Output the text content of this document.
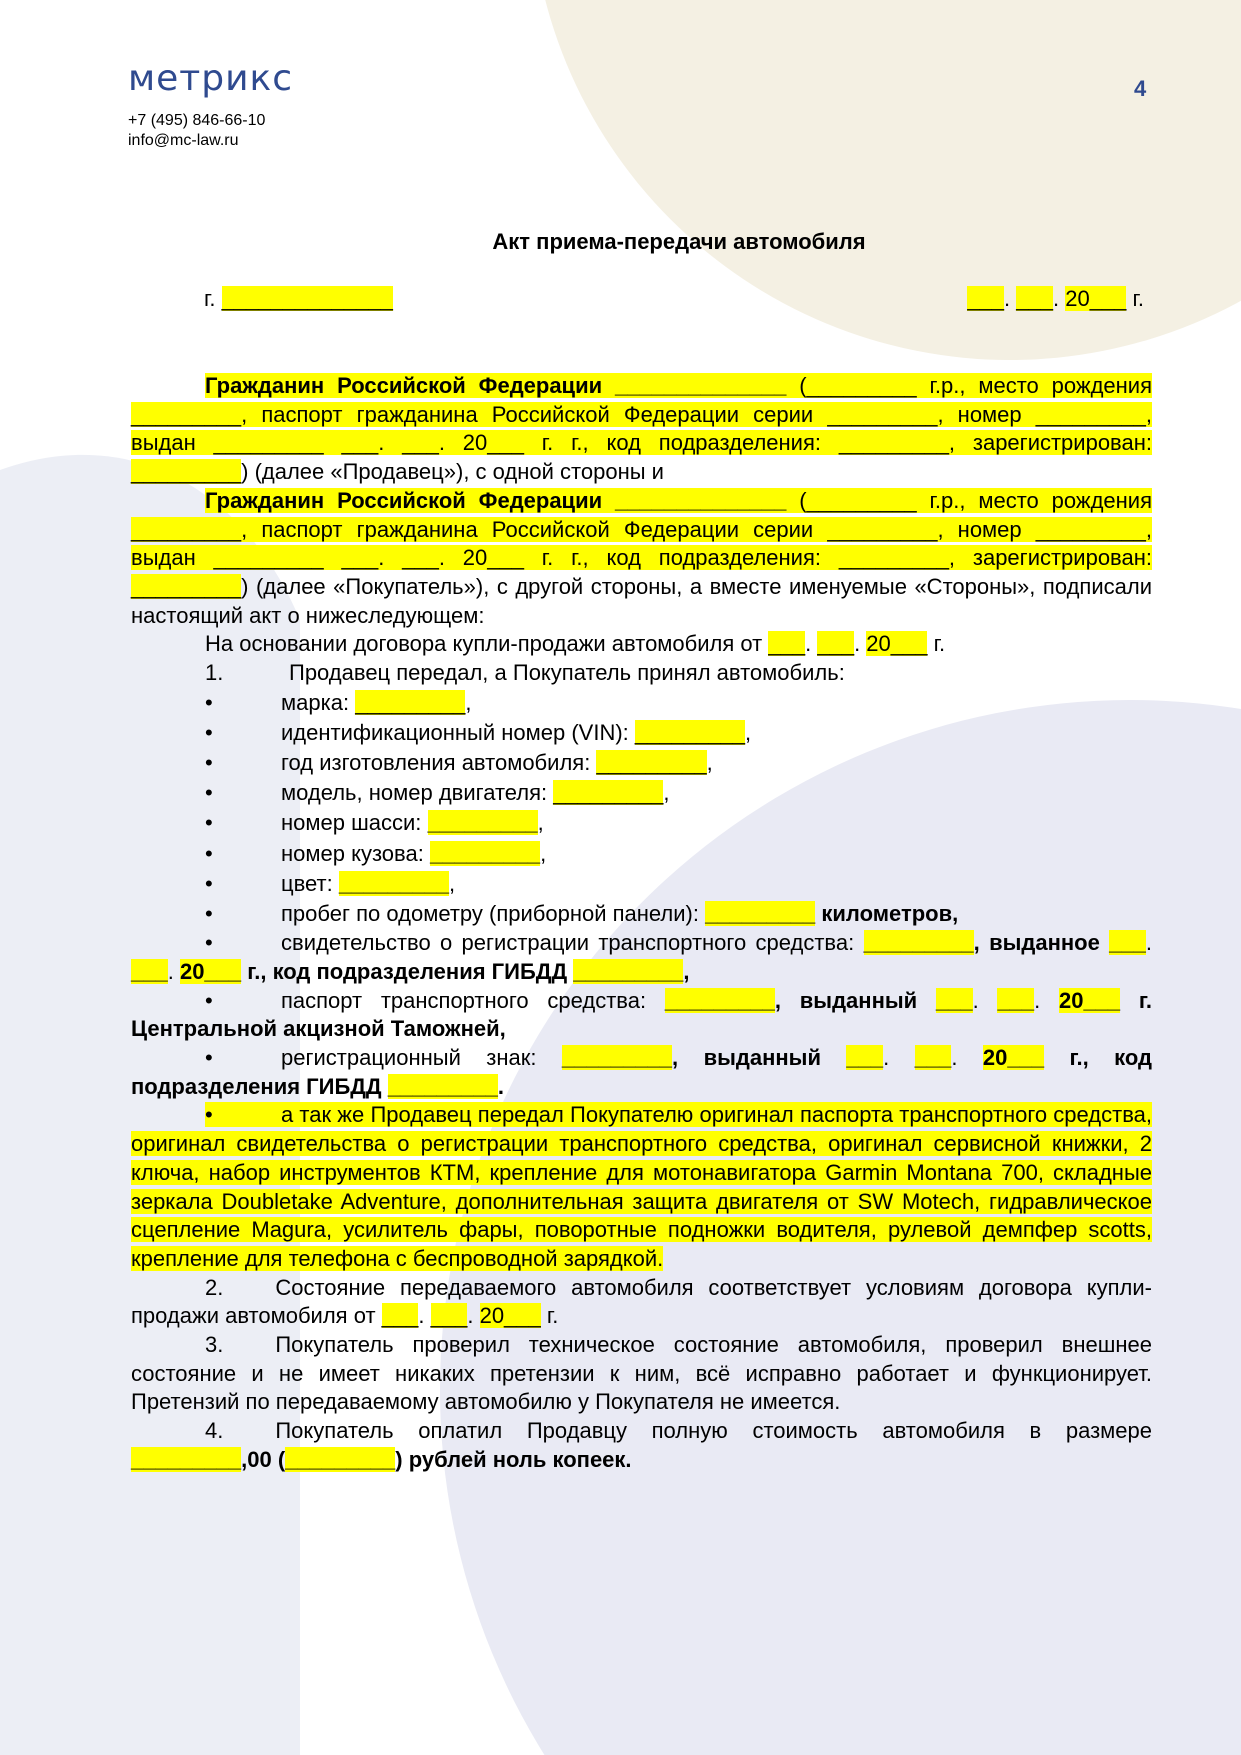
метрикс
+7 (495) 846-66-10
info@mc-law.ru
4
Акт приема-передачи автомобиля
г. ______________	___. ___. 20___ г.

Гражданин Российской Федерации ______________ (_________ г.р., место рождения _________, паспорт гражданина Российской Федерации серии _________, номер _________, выдан _________ ___. ___. 20___ г. г., код подразделения: _________, зарегистрирован: _________) (далее «Продавец»), с одной стороны и

Гражданин Российской Федерации ______________ (_________ г.р., место рождения _________, паспорт гражданина Российской Федерации серии _________, номер _________, выдан _________ ___. ___. 20___ г. г., код подразделения: _________, зарегистрирован: _________) (далее «Покупатель»), с другой стороны, а вместе именуемые «Стороны», подписали настоящий акт о нижеследующем:

На основании договора купли-продажи автомобиля от ___. ___. 20___ г.

1.	Продавец передал, а Покупатель принял автомобиль:

•	марка: _________,

•	идентификационный номер (VIN): _________,

•	год изготовления автомобиля: _________,

•	модель, номер двигателя: _________,

•	номер шасси: _________,

•	номер кузова: _________,

•	цвет: _________,

•	пробег по одометру (приборной панели): _________ километров,

•	свидетельство о регистрации транспортного средства: _________, выданное ___. ___. 20___ г., код подразделения ГИБДД _________,

•	паспорт транспортного средства: _________, выданный ___. ___. 20___ г. Центральной акцизной Таможней,

•	регистрационный знак: _________, выданный ___. ___. 20___ г., код подразделения ГИБДД _________.

•	а так же Продавец передал Покупателю оригинал паспорта транспортного средства, оригинал свидетельства о регистрации транспортного средства, оригинал сервисной книжки, 2 ключа, набор инструментов КТМ, крепление для мотонавигатора Garmin Montana 700, складные зеркала Doubletake Adventure, дополнительная защита двигателя от SW Motech, гидравлическое сцепление Magura, усилитель фары, поворотные подножки водителя, рулевой демпфер scotts, крепление для телефона с беспроводной зарядкой.

2. Состояние передаваемого автомобиля соответствует условиям договора купли-продажи автомобиля от ___. ___. 20___ г.

3. Покупатель проверил техническое состояние автомобиля, проверил внешнее состояние и не имеет никаких претензии к ним, всё исправно работает и функционирует. Претензий по передаваемому автомобилю у Покупателя не имеется.

4. Покупатель оплатил Продавцу полную стоимость автомобиля в размере _________,00 (_________) рублей ноль копеек.
